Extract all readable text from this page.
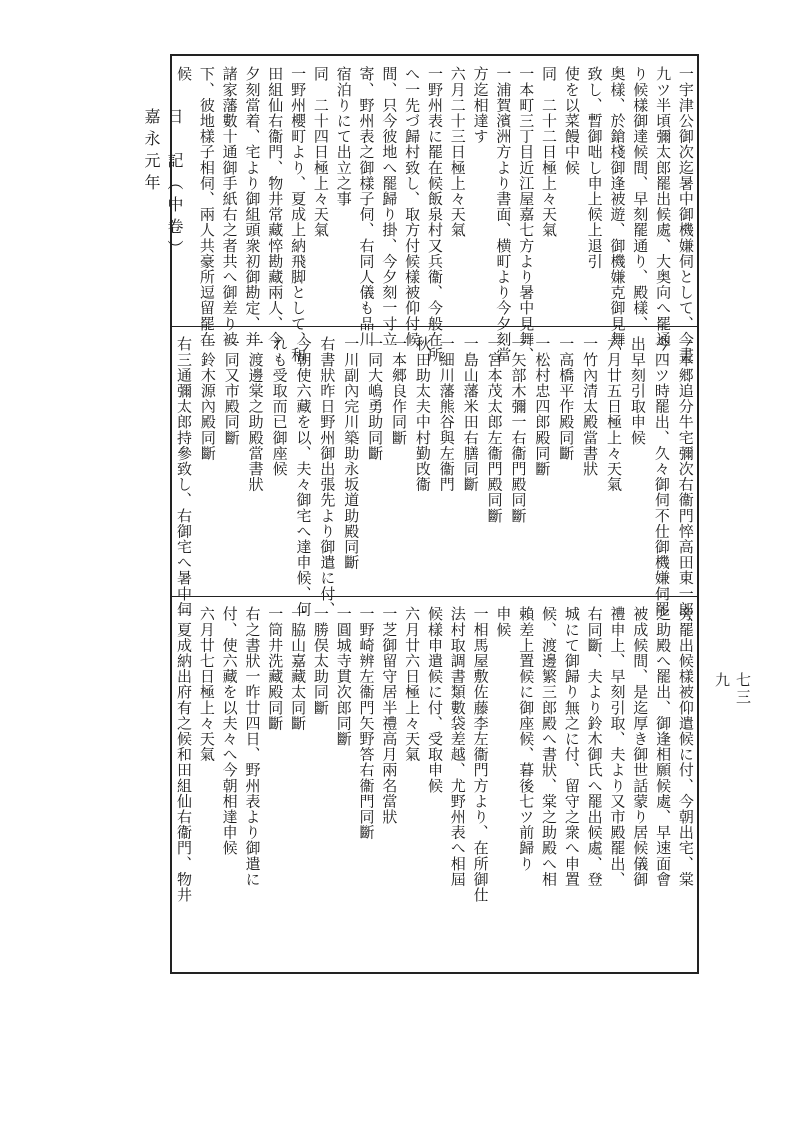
日　記（中卷）　嘉永元年	一宇津公御次迄暑中御機嫌伺として、今晝
九ツ半頃彌太郎罷出候處、大奥向へ罷通
り候樣御達候間、早刻罷通り、殿樣、
奥樣、於鎗棧御逢被遊、御機嫌克御見舞
致し、暫御咄し申上候上退引
使を以菜饅中候
同　二十二日極上々天氣
一本町三丁目近江屋嘉七方より暑中見舞、
一浦賀濱洲方より書面、横町より今夕刻當
方迄相達す
六月二十三日極上々天氣
一野州表に罷在候飯泉村又兵衞、今般在所
へ一先づ歸村致し、取方付候樣被仰付候
間、只今彼地へ罷歸り掛、今夕刻一寸立
寄、野州表之御樣子伺、右同人儀も品川
宿泊りにて出立之事
同　二十四日極上々天氣
一野州櫻町より、夏成上納飛脚として、和
田組仙右衞門、物井常藏悴勘藏兩人、今
夕刻當着、宅より御組頭衆初御勘定、并
諸家藩數十通御手紙右之者共へ御差り被
下、彼地樣子相伺、兩人共豪所逗留罷在
候
一本郷追分牛宅彌次右衞門悴高田東一郎、
今四ツ時罷出、久々御伺不仕御機嫌伺罷
出早刻引取申候
六月廿五日極上々天氣
一竹內清太殿當書狀
一高橋平作殿同斷
一松村忠四郎殿同斷
一矢部木彌一右衞門殿同斷
一宮本茂太郎左衞門殿同斷
一島山藩米田右膳同斷
一細川藩熊谷與左衞門
秋田助太夫中村勤攺衞
一本郷良作同斷
一同大嶋勇助同斷
一川副內完川築助永坂道助殿同斷
右書狀昨日野州御出張先より御遣に付、
今朝使六藏を以、夫々御宅へ達申候、何
れも受取而已御座候
一渡邊棠之助殿當書狀
一同又市殿同斷
一鈴木源內殿同斷
右三通彌太郎持參致し、右御宅へ暑中伺
旁罷出候樣被仰遣候に付、今朝出宅、棠
之助殿へ罷出、御逢相願候處、早速面會
被成候間、是迄厚き御世話蒙り居候儀御
禮申上、早刻引取、夫より又市殿罷出、
右同斷、夫より鈴木御氏へ罷出候處、登
城にて御歸り無之に付、留守之衆へ申置
候、渡邊繁三郎殿へ書狀、棠之助殿へ相
賴差上置候に御座候、暮後七ツ前歸り
申候
一相馬屋敷佐藤李左衞門方より、在所御仕
法村取調書類數袋差越、尤野州表へ相屆
候樣申遣候に付、受取申候
六月廿六日極上々天氣
一芝御留守居半禮高月兩名當狀
一野崎辨左衞門矢野答右衞門同斷
一圓城寺貫次郎同斷
一勝俣太助同斷
一脇山嘉藏太同斷
一筒井洗藏殿同斷
右之書狀一昨廿四日、野州表より御遣に
付、使六藏を以夫々へ今朝相達申候
六月廿七日極上々天氣
一夏成納出府有之候和田組仙右衞門、物井	七三九
